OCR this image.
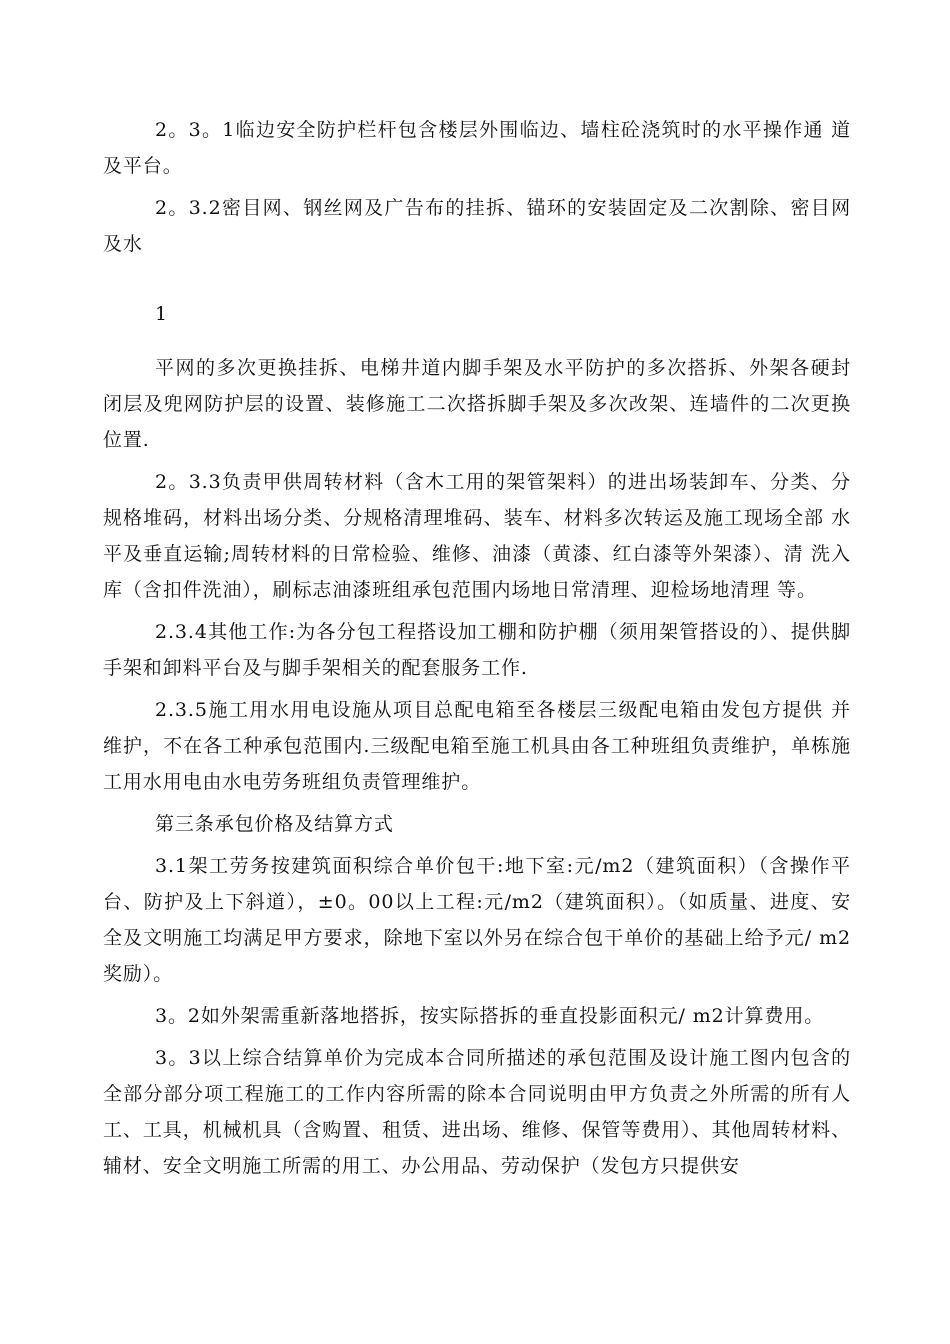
2。3。1临边安全防护栏杆包含楼层外围临边、墙柱砼浇筑时的水平操作通 道及平台。

2。3.2密目网、钢丝网及广告布的挂拆、锚环的安装固定及二次割除、密目网及水

1

平网的多次更换挂拆、电梯井道内脚手架及水平防护的多次搭拆、外架各硬封闭层及兜网防护层的设置、装修施工二次搭拆脚手架及多次改架、连墙件的二次更换位置.

2。3.3负责甲供周转材料（含木工用的架管架料）的进出场装卸车、分类、分 规格堆码，材料出场分类、分规格清理堆码、装车、材料多次转运及施工现场全部 水平及垂直运输;周转材料的日常检验、维修、油漆（黄漆、红白漆等外架漆）、清 洗入库（含扣件洗油），刷标志油漆班组承包范围内场地日常清理、迎检场地清理 等。

2.3.4其他工作:为各分包工程搭设加工棚和防护棚（须用架管搭设的）、提供脚手架和卸料平台及与脚手架相关的配套服务工作.

2.3.5施工用水用电设施从项目总配电箱至各楼层三级配电箱由发包方提供 并维护，不在各工种承包范围内.三级配电箱至施工机具由各工种班组负责维护，单栋施工用水用电由水电劳务班组负责管理维护。

第三条承包价格及结算方式

3.1架工劳务按建筑面积综合单价包干:地下室:元/m2（建筑面积）（含操作平台、防护及上下斜道），±0。00以上工程:元/m2（建筑面积）。（如质量、进度、安全及文明施工均满足甲方要求，除地下室以外另在综合包干单价的基础上给予元/ m2奖励）。

3。2如外架需重新落地搭拆，按实际搭拆的垂直投影面积元/ m2计算费用。

3。3以上综合结算单价为完成本合同所描述的承包范围及设计施工图内包含的全部分部分项工程施工的工作内容所需的除本合同说明由甲方负责之外所需的所有人工、工具，机械机具（含购置、租赁、进出场、维修、保管等费用）、其他周转材料、辅材、安全文明施工所需的用工、办公用品、劳动保护（发包方只提供安
